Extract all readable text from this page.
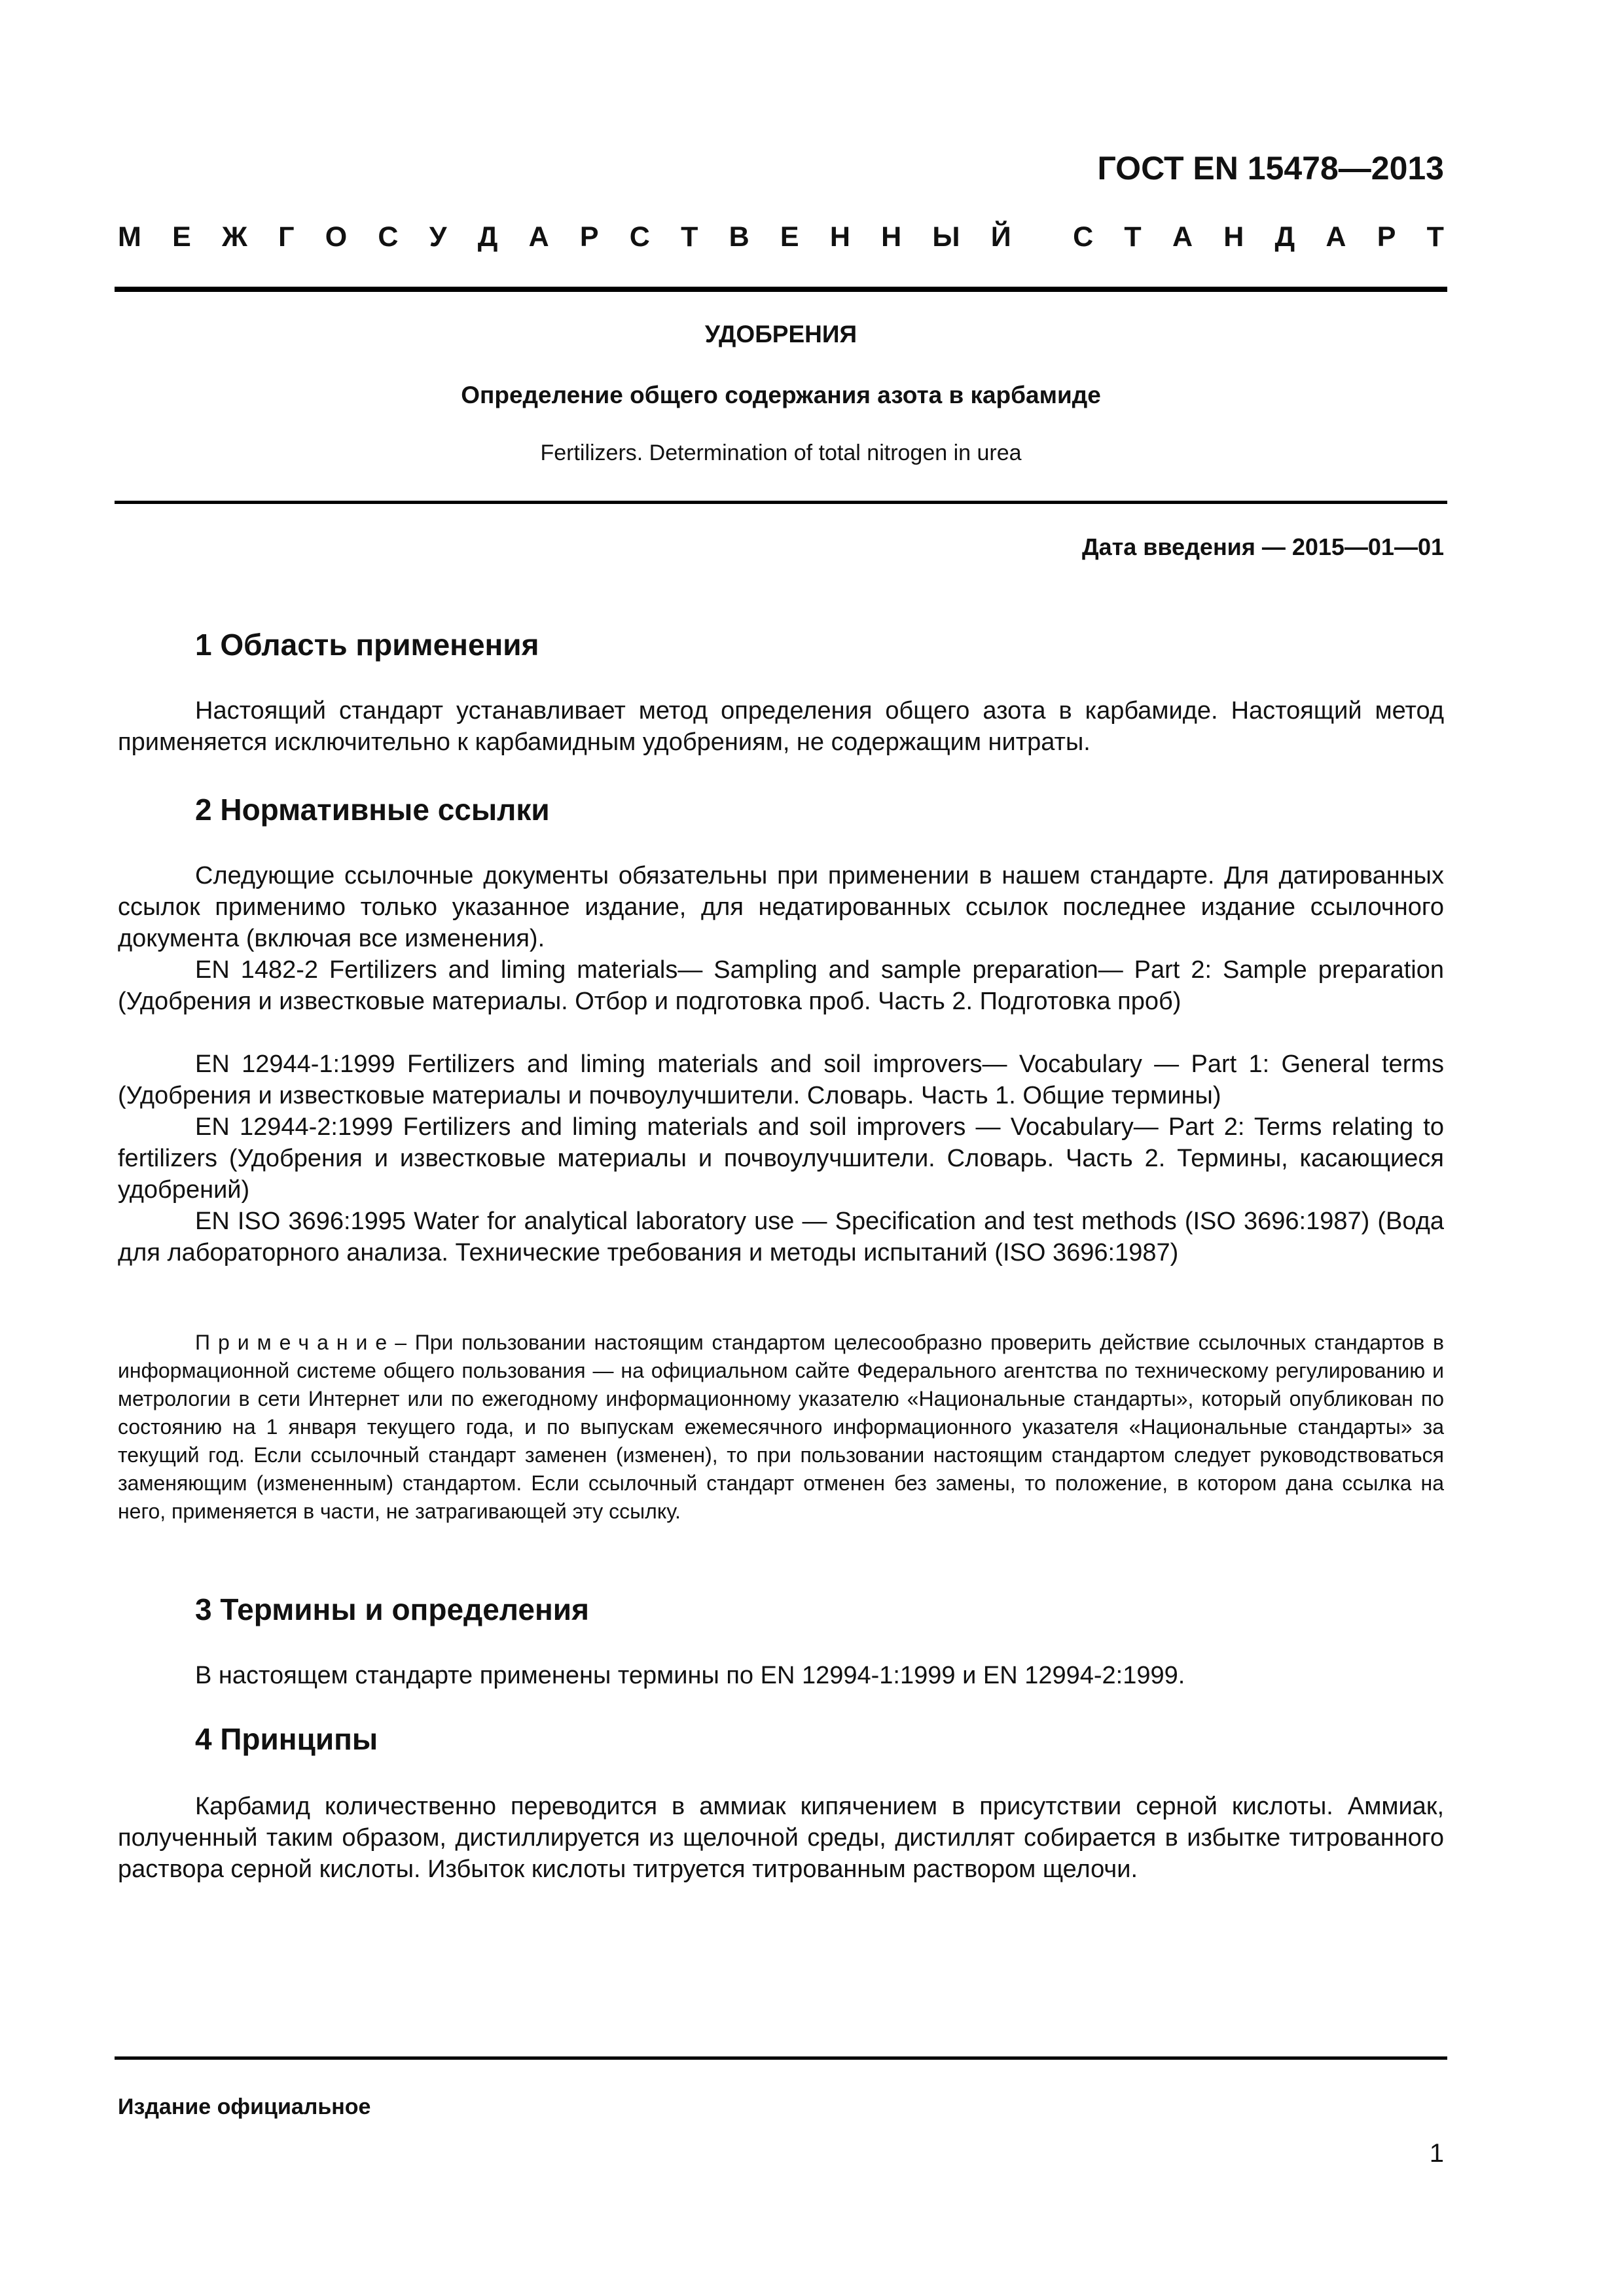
ГОСТ EN 15478—2013
М Е Ж Г О С У Д А Р С Т В Е Н Н Ы Й С Т А Н Д А Р Т
УДОБРЕНИЯ
Определение общего содержания азота в карбамиде
Fertilizers. Determination of total nitrogen in urea
Дата введения — 2015—01—01
1 Область применения

Настоящий стандарт устанавливает метод определения общего азота в карбамиде. Настоящий метод применяется исключительно к карбамидным удобрениям, не содержащим нитраты.

2 Нормативные ссылки

Следующие ссылочные документы обязательны при применении в нашем стандарте. Для датированных ссылок применимо только указанное издание, для недатированных ссылок последнее издание ссылочного документа (включая все изменения).

EN 1482-2 Fertilizers and liming materials— Sampling and sample preparation— Part 2: Sample preparation (Удобрения и известковые материалы. Отбор и подготовка проб. Часть 2. Подготовка проб)

EN 12944-1:1999 Fertilizers and liming materials and soil improvers— Vocabulary — Part 1: General terms (Удобрения и известковые материалы и почвоулучшители. Словарь. Часть 1. Общие термины)

EN 12944-2:1999 Fertilizers and liming materials and soil improvers — Vocabulary— Part 2: Terms relating to fertilizers (Удобрения и известковые материалы и почвоулучшители. Словарь. Часть 2. Термины, касающиеся удобрений)

EN ISO 3696:1995 Water for analytical laboratory use — Specification and test methods (ISO 3696:1987) (Вода для лабораторного анализа. Технические требования и методы испытаний (ISO 3696:1987)

Примечание– При пользовании настоящим стандартом целесообразно проверить действие ссылочных стандартов в информационной системе общего пользования — на официальном сайте Федерального агентства по техническому регулированию и метрологии в сети Интернет или по ежегодному информационному указателю «Национальные стандарты», который опубликован по состоянию на 1 января текущего года, и по выпускам ежемесячного информационного указателя «Национальные стандарты» за текущий год. Если ссылочный стандарт заменен (изменен), то при пользовании настоящим стандартом следует руководствоваться заменяющим (измененным) стандартом. Если ссылочный стандарт отменен без замены, то положение, в котором дана ссылка на него, применяется в части, не затрагивающей эту ссылку.

3 Термины и определения

В настоящем стандарте применены термины по EN 12994-1:1999 и EN 12994-2:1999.

4 Принципы

Карбамид количественно переводится в аммиак кипячением в присутствии серной кислоты. Аммиак, полученный таким образом, дистиллируется из щелочной среды, дистиллят собирается в избытке титрованного раствора серной кислоты. Избыток кислоты титруется титрованным раствором щелочи.

Издание официальное
1
